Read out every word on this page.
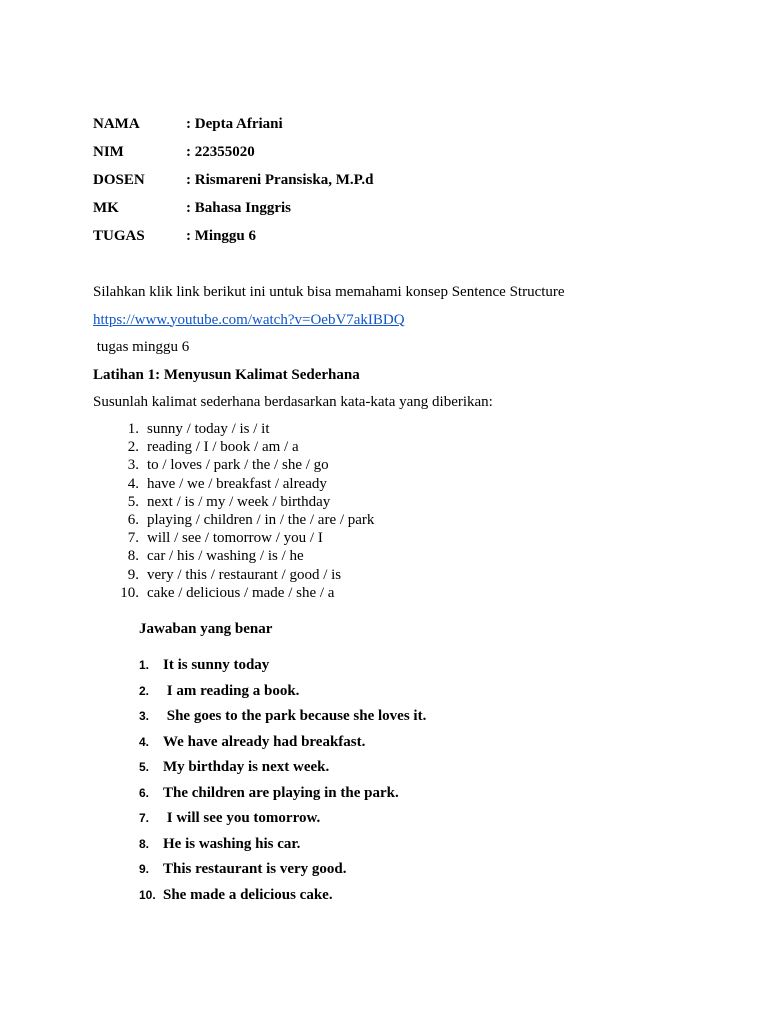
NAMA	: Depta Afriani
NIM	: 22355020
DOSEN	: Rismareni Pransiska, M.P.d
MK	: Bahasa Inggris
TUGAS	: Minggu 6
Silahkan klik link berikut ini untuk bisa memahami konsep Sentence Structure
https://www.youtube.com/watch?v=OebV7akIBDQ
tugas minggu 6
Latihan 1: Menyusun Kalimat Sederhana
Susunlah kalimat sederhana berdasarkan kata-kata yang diberikan:
1. sunny / today / is / it
2. reading / I / book / am / a
3. to / loves / park / the / she / go
4. have / we / breakfast / already
5. next / is / my / week / birthday
6. playing / children / in / the / are / park
7. will / see / tomorrow / you / I
8. car / his / washing / is / he
9. very / this / restaurant / good / is
10. cake / delicious / made / she / a
Jawaban yang benar
1. It is sunny today
2. I am reading a book.
3. She goes to the park because she loves it.
4. We have already had breakfast.
5. My birthday is next week.
6. The children are playing in the park.
7. I will see you tomorrow.
8. He is washing his car.
9. This restaurant is very good.
10. She made a delicious cake.
